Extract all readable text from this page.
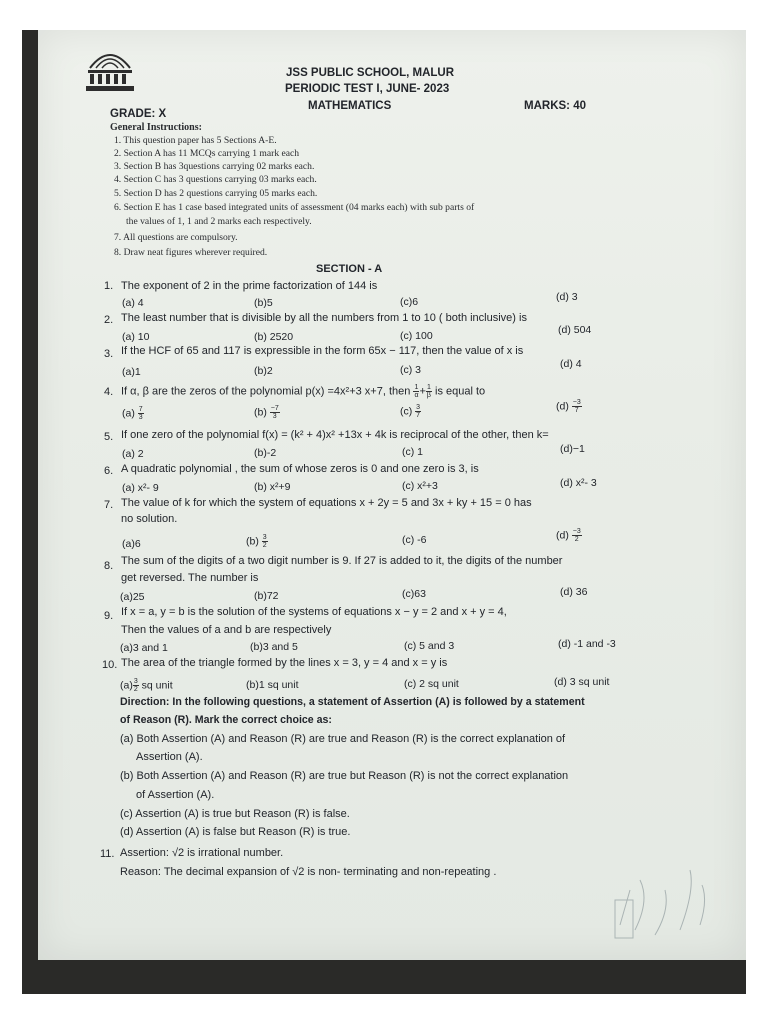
JSS PUBLIC SCHOOL, MALUR
PERIODIC TEST I, JUNE- 2023
MATHEMATICS
GRADE: X
MARKS: 40
General Instructions:
1. This question paper has 5 Sections A-E.
2. Section A has 11 MCQs carrying 1 mark each
3. Section B has 3questions carrying 02 marks each.
4. Section C has 3 questions carrying 03 marks each.
5. Section D has 2 questions carrying 05 marks each.
6. Section E has 1 case based integrated units of assessment (04 marks each) with sub parts of
the values of 1, 1 and 2 marks each respectively.
7. All questions are compulsory.
8. Draw neat figures wherever required.
SECTION - A
1. The exponent of 2 in the prime factorization of 144 is
(a) 4	(b)5	(c)6	(d) 3
2. The least number that is divisible by all the numbers from 1 to 10 ( both inclusive) is
(a) 10	(b) 2520	(c) 100	(d) 504
3. If the HCF of 65 and 117 is expressible in the form 65x − 117, then the value of x is
(a)1	(b)2	(c) 3	(d) 4
4. If α, β are the zeros of the polynomial p(x) =4x²+3 x+7, then $\frac{1}{\alpha} + \frac{1}{\beta}$ is equal to
$(a) \frac{7}{3}$	$(b) \frac{-7}{3}$	$(c) \frac{3}{7}$	$(d) \frac{-3}{7}$
5. If one zero of the polynomial f(x) = (k² + 4)x² +13x + 4k is reciprocal of the other, then k=
(a) 2	(b)-2	(c) 1	(d)−1
6. A quadratic polynomial , the sum of whose zeros is 0 and one zero is 3, is
(a) x²- 9	(b) x²+9	(c) x²+3	(d) x²- 3
7. The value of k for which the system of equations x + 2y = 5 and 3x + ky + 15 = 0 has
no solution.
(a)6	$(b) \frac{3}{2}$	(c) -6	$(d) \frac{-3}{2}$
8. The sum of the digits of a two digit number is 9. If 27 is added to it, the digits of the number
get reversed. The number is
(a)25	(b)72	(c)63	(d) 36
9. If x = a, y = b is the solution of the systems of equations x − y = 2 and x + y = 4,
Then the values of a and b are respectively
(a)3 and 1	(b)3 and 5	(c) 5 and 3	(d) -1 and -3
10. The area of the triangle formed by the lines x = 3, y = 4 and x = y is
$(a) \frac{3}{2}$ sq unit	(b)1 sq unit	(c) 2 sq unit	(d) 3 sq unit
Direction: In the following questions, a statement of Assertion (A) is followed by a statement
of Reason (R). Mark the correct choice as:
(a) Both Assertion (A) and Reason (R) are true and Reason (R) is the correct explanation of
Assertion (A).
(b) Both Assertion (A) and Reason (R) are true but Reason (R) is not the correct explanation
of Assertion (A).
(c) Assertion (A) is true but Reason (R) is false.
(d) Assertion (A) is false but Reason (R) is true.
11. Assertion: √2 is irrational number.
Reason: The decimal expansion of √2 is non- terminating and non-repeating .
